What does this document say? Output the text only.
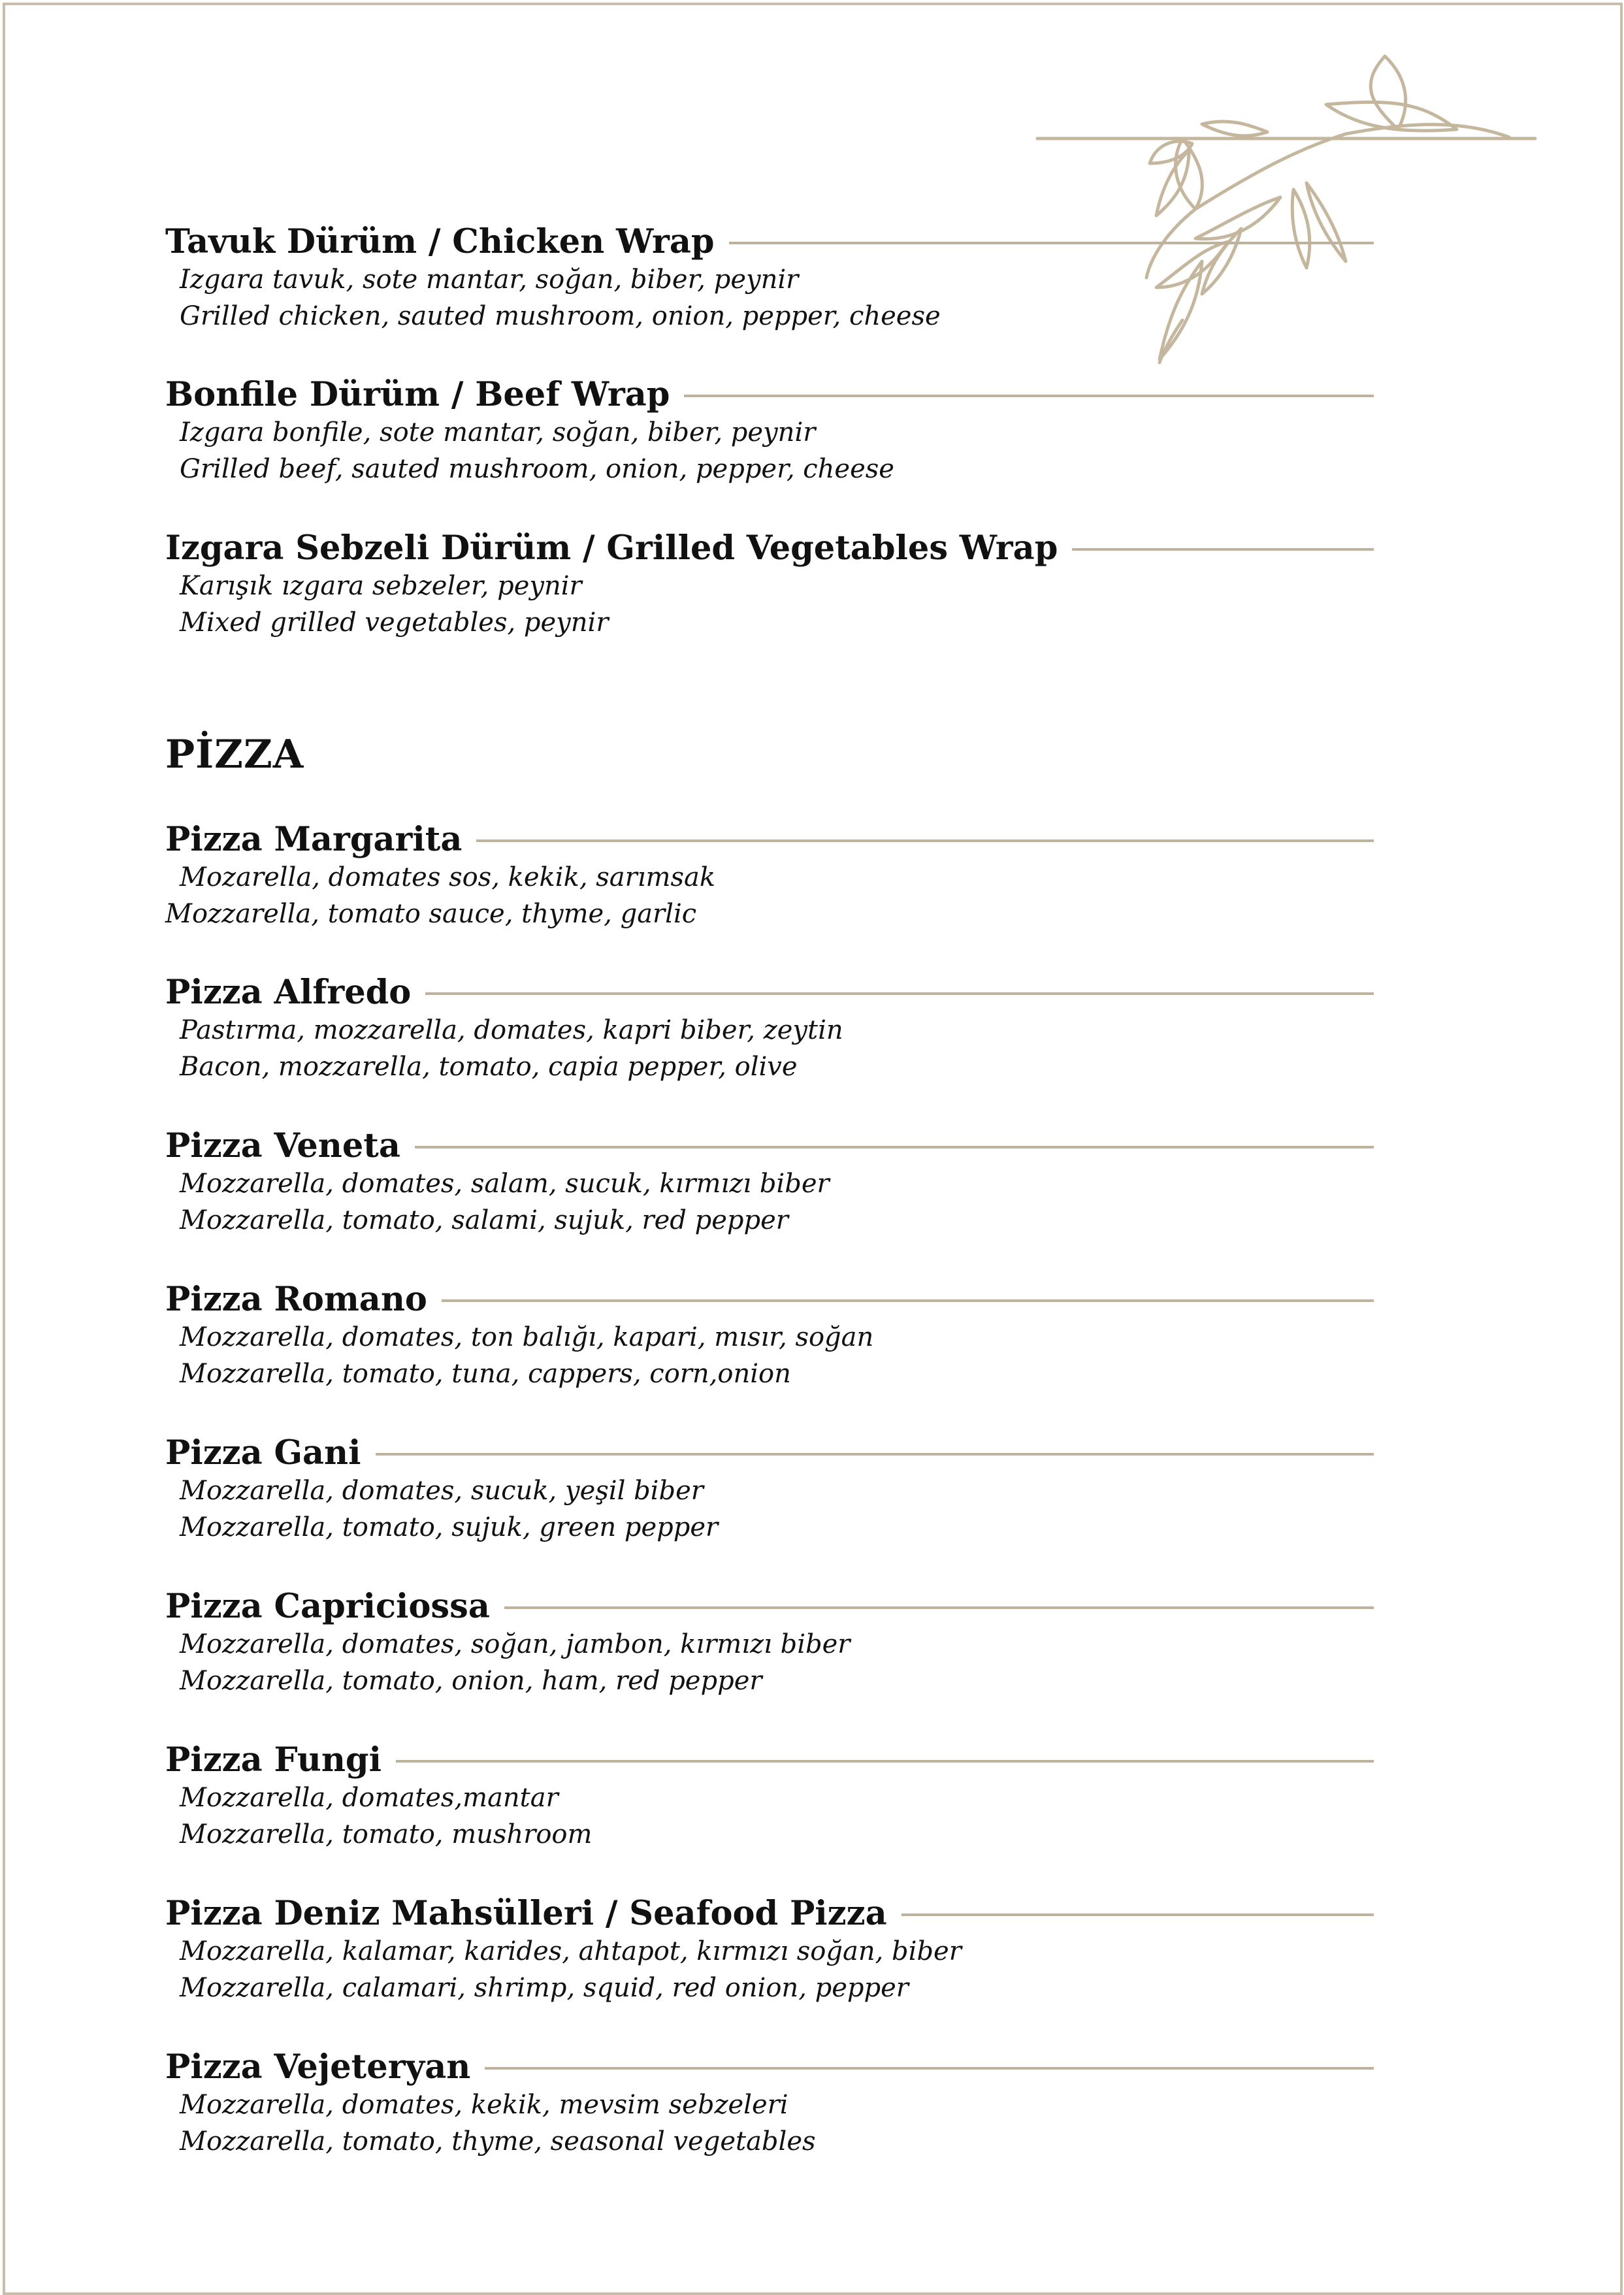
Tavuk Dürüm / Chicken Wrap
Izgara tavuk, sote mantar, soğan, biber, peynir
Grilled chicken, sauted mushroom, onion, pepper, cheese
Bonfile Dürüm / Beef Wrap
Izgara bonfile, sote mantar, soğan, biber, peynir
Grilled beef, sauted mushroom, onion, pepper, cheese
Izgara Sebzeli Dürüm / Grilled Vegetables Wrap
Karışık ızgara sebzeler, peynir
Mixed grilled vegetables, peynir
PİZZA
Pizza Margarita
Mozarella, domates sos, kekik, sarımsak
Mozzarella, tomato sauce, thyme, garlic
Pizza Alfredo
Pastırma, mozzarella, domates, kapri biber, zeytin
Bacon, mozzarella, tomato, capia pepper, olive
Pizza Veneta
Mozzarella, domates, salam, sucuk, kırmızı biber
Mozzarella, tomato, salami, sujuk, red pepper
Pizza Romano
Mozzarella, domates, ton balığı, kapari, mısır, soğan
Mozzarella, tomato, tuna, cappers, corn,onion
Pizza Gani
Mozzarella, domates, sucuk, yeşil biber
Mozzarella, tomato, sujuk, green pepper
Pizza Capriciossa
Mozzarella, domates, soğan, jambon, kırmızı biber
Mozzarella, tomato, onion, ham, red pepper
Pizza Fungi
Mozzarella, domates,mantar
Mozzarella, tomato, mushroom
Pizza Deniz Mahsülleri / Seafood Pizza
Mozzarella, kalamar, karides, ahtapot, kırmızı soğan, biber
Mozzarella, calamari, shrimp, squid, red onion, pepper
Pizza Vejeteryan
Mozzarella, domates, kekik, mevsim sebzeleri
Mozzarella, tomato, thyme, seasonal vegetables
